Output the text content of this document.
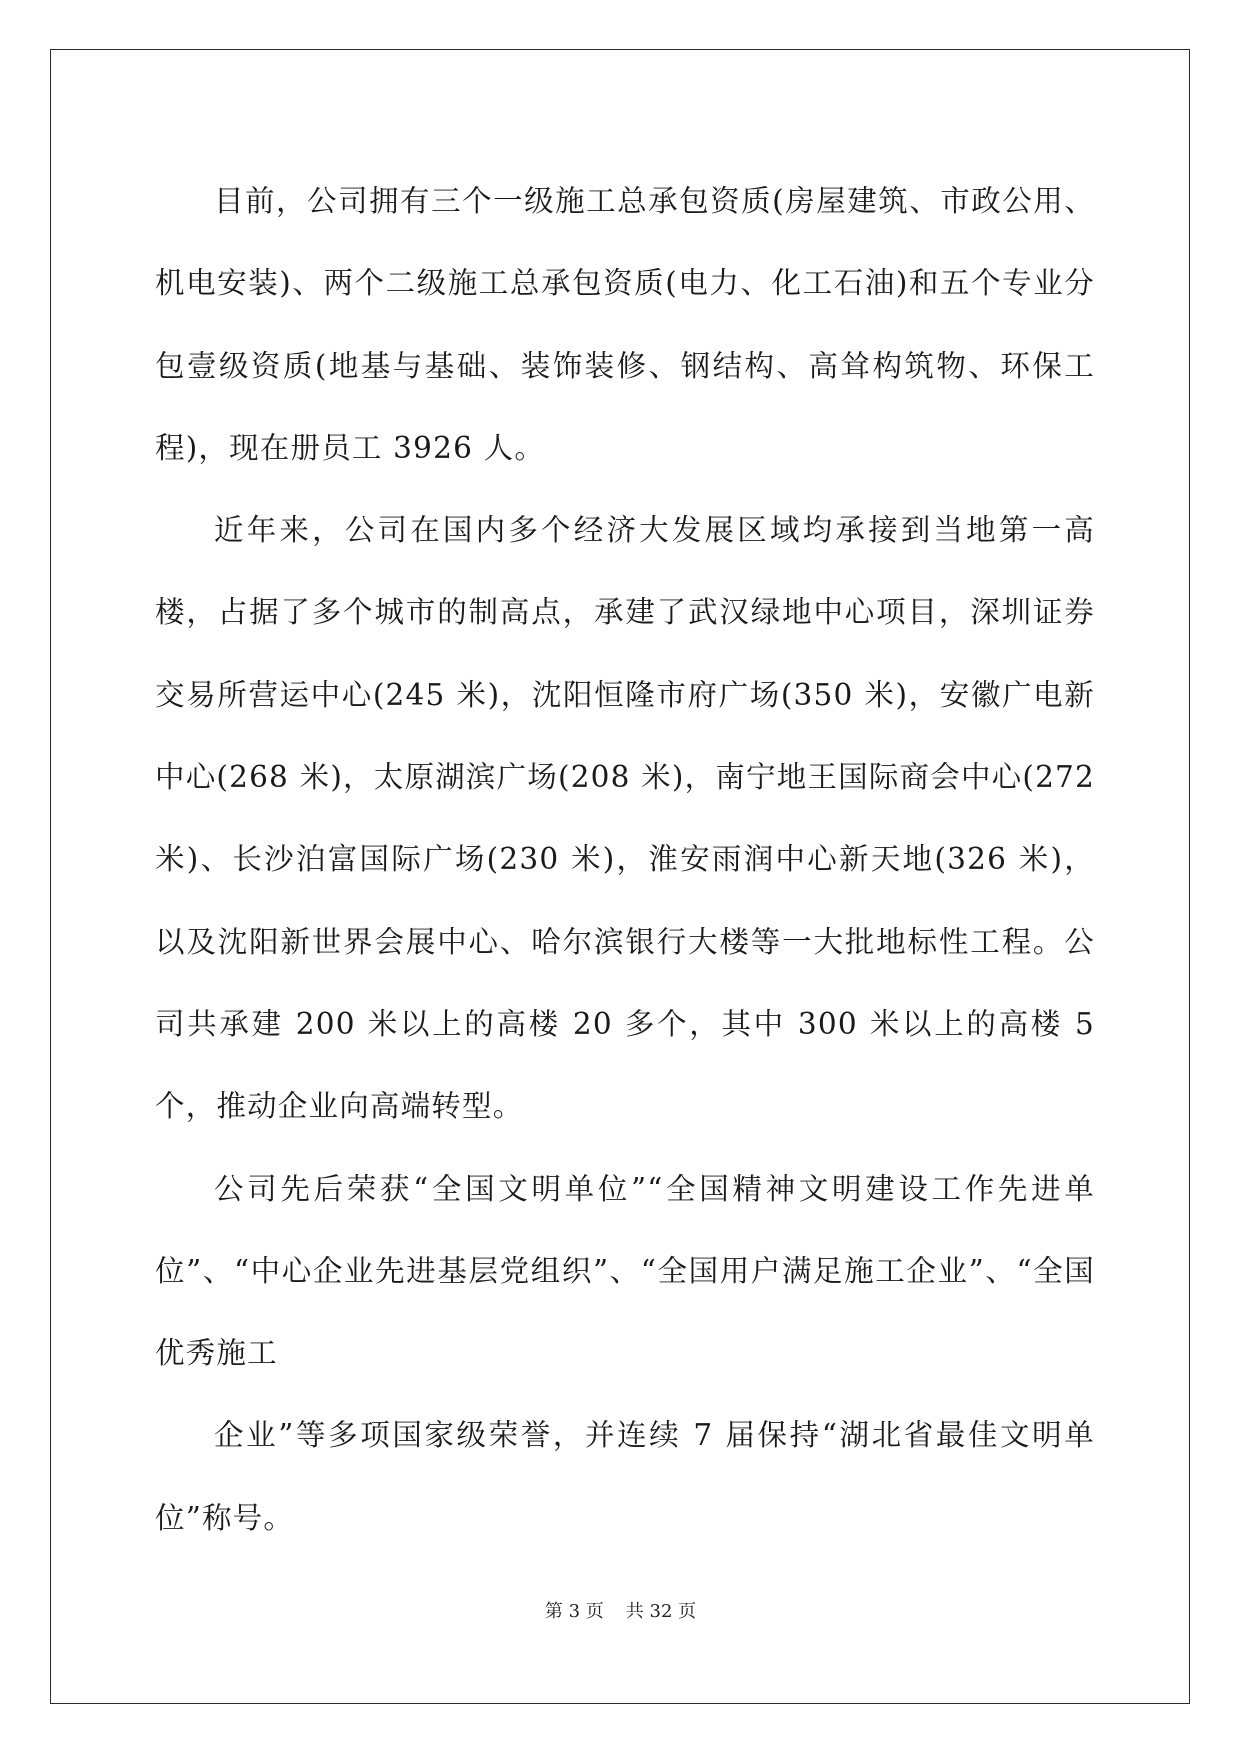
目前，公司拥有三个一级施工总承包资质(房屋建筑、市政公用、机电安装)、两个二级施工总承包资质(电力、化工石油)和五个专业分包壹级资质(地基与基础、装饰装修、钢结构、高耸构筑物、环保工程)，现在册员工 3926 人。

近年来，公司在国内多个经济大发展区域均承接到当地第一高楼，占据了多个城市的制高点，承建了武汉绿地中心项目，深圳证券交易所营运中心(245 米)，沈阳恒隆市府广场(350 米)，安徽广电新中心(268 米)，太原湖滨广场(208 米)，南宁地王国际商会中心(272 米)、长沙泊富国际广场(230 米)，淮安雨润中心新天地(326 米)，以及沈阳新世界会展中心、哈尔滨银行大楼等一大批地标性工程。公司共承建 200 米以上的高楼 20 多个，其中 300 米以上的高楼 5 个，推动企业向高端转型。

公司先后荣获“全国文明单位”“全国精神文明建设工作先进单位”、“中心企业先进基层党组织”、“全国用户满足施工企业”、“全国优秀施工

企业”等多项国家级荣誉，并连续 7 届保持“湖北省最佳文明单位”称号。

第 3 页 共 32 页
